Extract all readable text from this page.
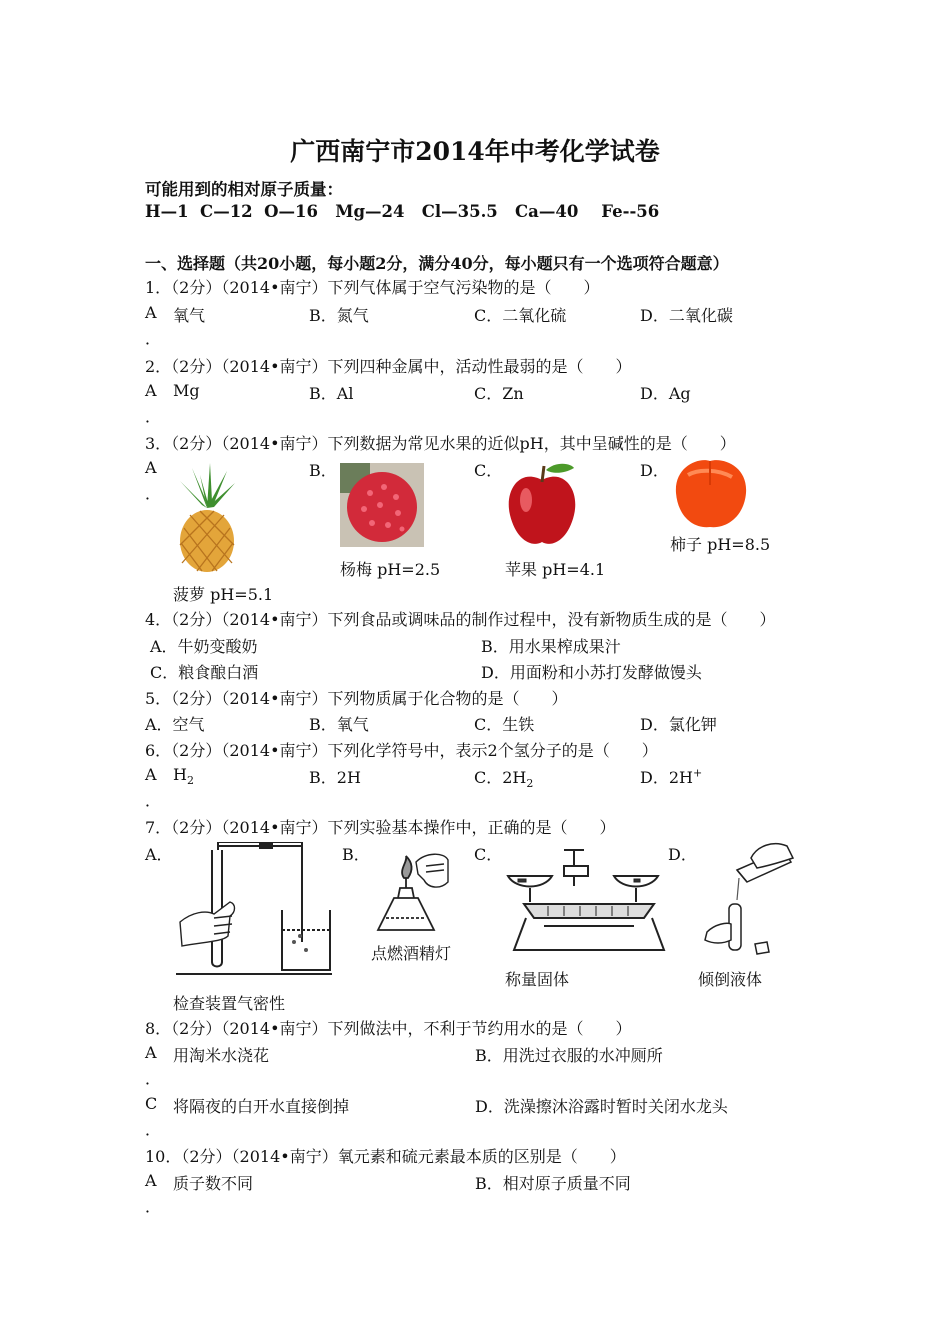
广西南宁市2014年中考化学试卷
可能用到的相对原子质量：
H—1  C—12  O—16   Mg—24   Cl—35.5   Ca—40    Fe--56
一、选择题（共20小题，每小题2分，满分40分，每小题只有一个选项符合题意）
1．（2分）（2014•南宁）下列气体属于空气污染物的是（　　）
A 氧气
．
B．氮气	C．二氧化硫	D．二氧化碳
2．（2分）（2014•南宁）下列四种金属中，活动性最弱的是（　　）
A Mg
．
B．Al	C．Zn	D．Ag
3．（2分）（2014•南宁）下列数据为常见水果的近似pH，其中呈碱性的是（　　）
A
．
B．	C．	D．
菠萝 pH=5.1
杨梅 pH=2.5	苹果 pH=4.1
柿子 pH=8.5
4．（2分）（2014•南宁）下列食品或调味品的制作过程中，没有新物质生成的是（　　）
A．牛奶变酸奶	B．用水果榨成果汁
C．粮食酿白酒	D．用面粉和小苏打发酵做馒头
5．（2分）（2014•南宁）下列物质属于化合物的是（　　）
A．空气	B．氧气	C．生铁	D．氯化钾
6．（2分）（2014•南宁）下列化学符号中，表示2个氢分子的是（　　）
A $H_2$
．
B．2H	C．$2H_2$	D．2H+
7．（2分）（2014•南宁）下列实验基本操作中，正确的是（　　）
A．	B．	C．	D．
检查装置气密性
点燃酒精灯
称量固体	倾倒液体
8．（2分）（2014•南宁）下列做法中，不利于节约用水的是（　　）
A 用淘米水浇花
．
B．用洗过衣服的水冲厕所
C 将隔夜的白开水直接倒掉
．
D．洗澡擦沐浴露时暂时关闭水龙头
10．（2分）（2014•南宁）氧元素和硫元素最本质的区别是（　　）
A 质子数不同
．
B．相对原子质量不同
